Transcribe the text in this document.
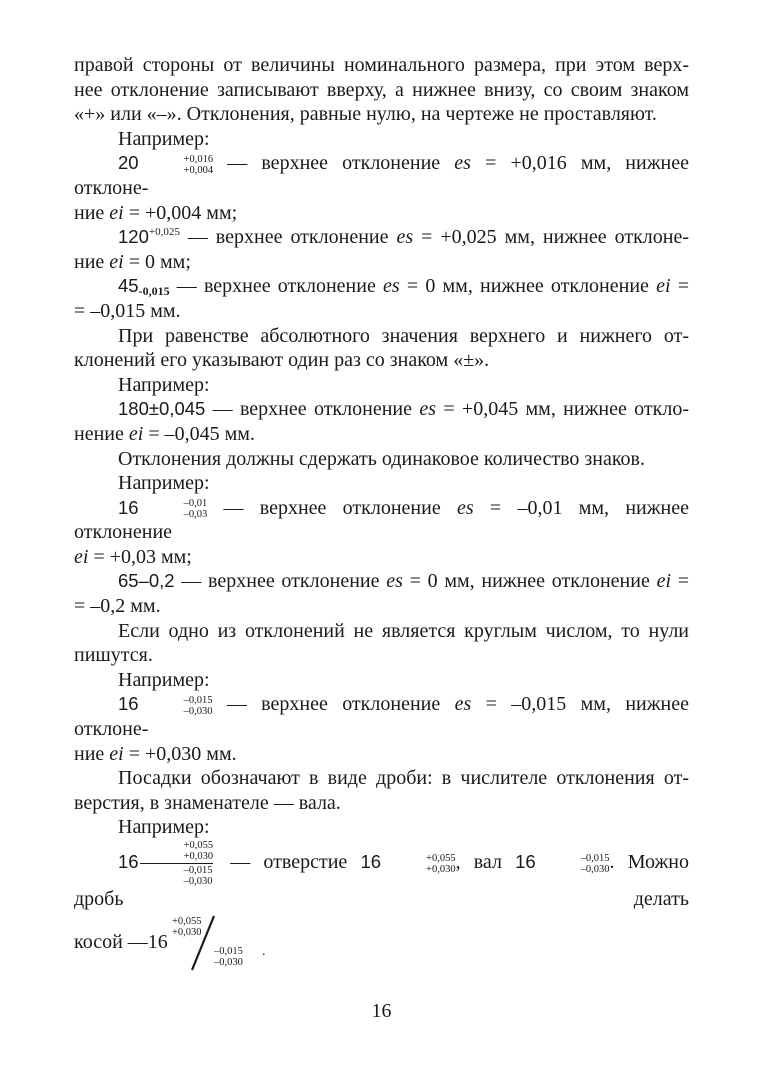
правой стороны от величины номинального размера, при этом верх-

нее отклонение записывают вверху, а нижнее внизу, со своим знаком

«+» или «–». Отклонения, равные нулю, на чертеже не проставляют.

Например:

20	+0,016
+0,004 — верхнее отклонение es = +0,016 мм, нижнее отклоне-

ние ei = +0,004 мм;

$120^{+0,025}$ — верхнее отклонение es = +0,025 мм, нижнее отклоне-

ние ei = 0 мм;

45-0,015 — верхнее отклонение es = 0 мм, нижнее отклонение ei =

= –0,015 мм.

При равенстве абсолютного значения верхнего и нижнего от-

клонений его указывают один раз со знаком «±».

Например:

180±0,045 — верхнее отклонение es = +0,045 мм, нижнее откло-

нение ei = –0,045 мм.

Отклонения должны сдержать одинаковое количество знаков.

Например:

16	–0,01
–0,03 — верхнее отклонение es = –0,01 мм, нижнее отклонение

ei = +0,03 мм;

65–0,2 — верхнее отклонение es = 0 мм, нижнее отклонение ei =

= –0,2 мм.

Если одно из отклонений не является круглым числом, то нули

пишутся.

Например:

16	–0,015
–0,030 — верхнее отклонение es = –0,015 мм, нижнее отклоне-

ние ei = +0,030 мм.

Посадки обозначают в виде дроби: в числителе отклонения от-

верстия, в знаменателе — вала.

Например:

16 +0,055
+0,030
–0,015
–0,030 — отверстие 16	+0,055
+0,030 , вал 16	–0,015
–0,030 . Можно дробь делать

косой —16
+0,055
+0,030
–0,015
–0,030
.
16
